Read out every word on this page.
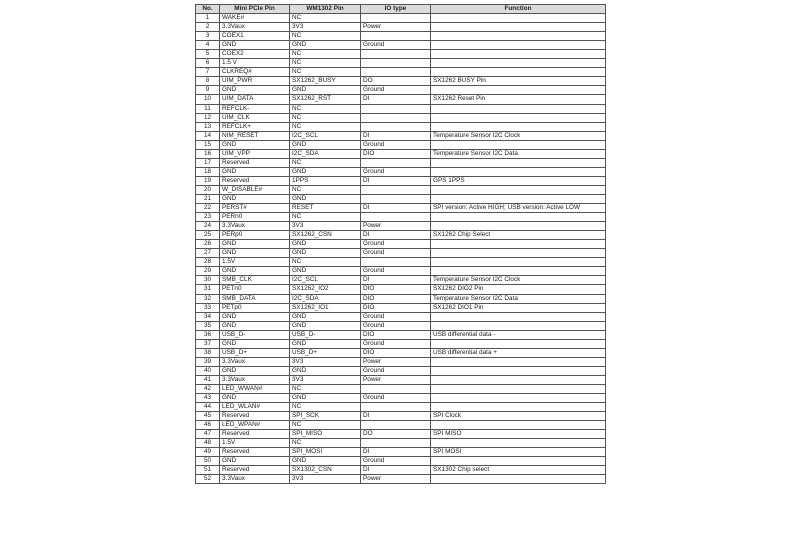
No.	Mini PCIe Pin	WM1302 Pin	IO type	Function
1	WAKE#	NC		
2	3.3Vaux	3V3	Power	
3	COEX1	NC		
4	GND	GND	Ground	
5	COEX2	NC		
6	1.5 V	NC		
7	CLKREQ#	NC		
8	UIM_PWR	SX1262_BUSY	DO	SX1262 BUSY Pin
9	GND	GND	Ground	
10	UIM_DATA	SX1262_RST	DI	SX1262 Reset Pin
11	REFCLK-	NC		
12	UIM_CLK	NC		
13	REFCLK+	NC		
14	NIM_RESET	I2C_SCL	DI	Temperature Sensor I2C Clock
15	GND	GND	Ground	
16	UIM_VPP	I2C_SDA	DIO	Temperature Sensor I2C Data
17	Reserved	NC		
18	GND	GND	Ground	
19	Reserved	1PPS	DI	GPS 1PPS
20	W_DISABLE#	NC		
21	GND	GND		
22	PERST#	RESET	DI	SPI version: Active HIGH; USB version: Active LOW
23	PERn0	NC		
24	3.3Vaux	3V3	Power	
25	PERp0	SX1262_CSN	DI	SX1262 Chip Select
26	GND	GND	Ground	
27	GND	GND	Ground	
28	1.5V	NC		
29	GND	GND	Ground	
30	SMB_CLK	I2C_SCL	DI	Temperature Sensor I2C Clock
31	PETn0	SX1262_IO2	DIO	SX1262 DIO2 Pin
32	SMB_DATA	I2C_SDA	DIO	Temperature Sensor I2C Data
33	PETp0	SX1262_IO1	DIO	SX1262 DIO1 Pin
34	GND	GND	Ground	
35	GND	GND	Ground	
36	USB_D-	USB_D-	DIO	USB differential data -
37	GND	GND	Ground	
38	USB_D+	USB_D+	DIO	USB differential data +
39	3.3Vaux	3V3	Power	
40	GND	GND	Ground	
41	3.3Vaux	3V3	Power	
42	LED_WWAN#	NC		
43	GND	GND	Ground	
44	LED_WLAN#	NC		
45	Reserved	SPI_SCK	DI	SPI Clock
46	LED_WPAN#	NC		
47	Reserved	SPI_MISO	DO	SPI MISO
48	1.5V	NC		
49	Reserved	SPI_MOSI	DI	SPI MOSI
50	GND	GND	Ground	
51	Reserved	SX1302_CSN	DI	SX1302 Chip select
52	3.3Vaux	3V3	Power	
